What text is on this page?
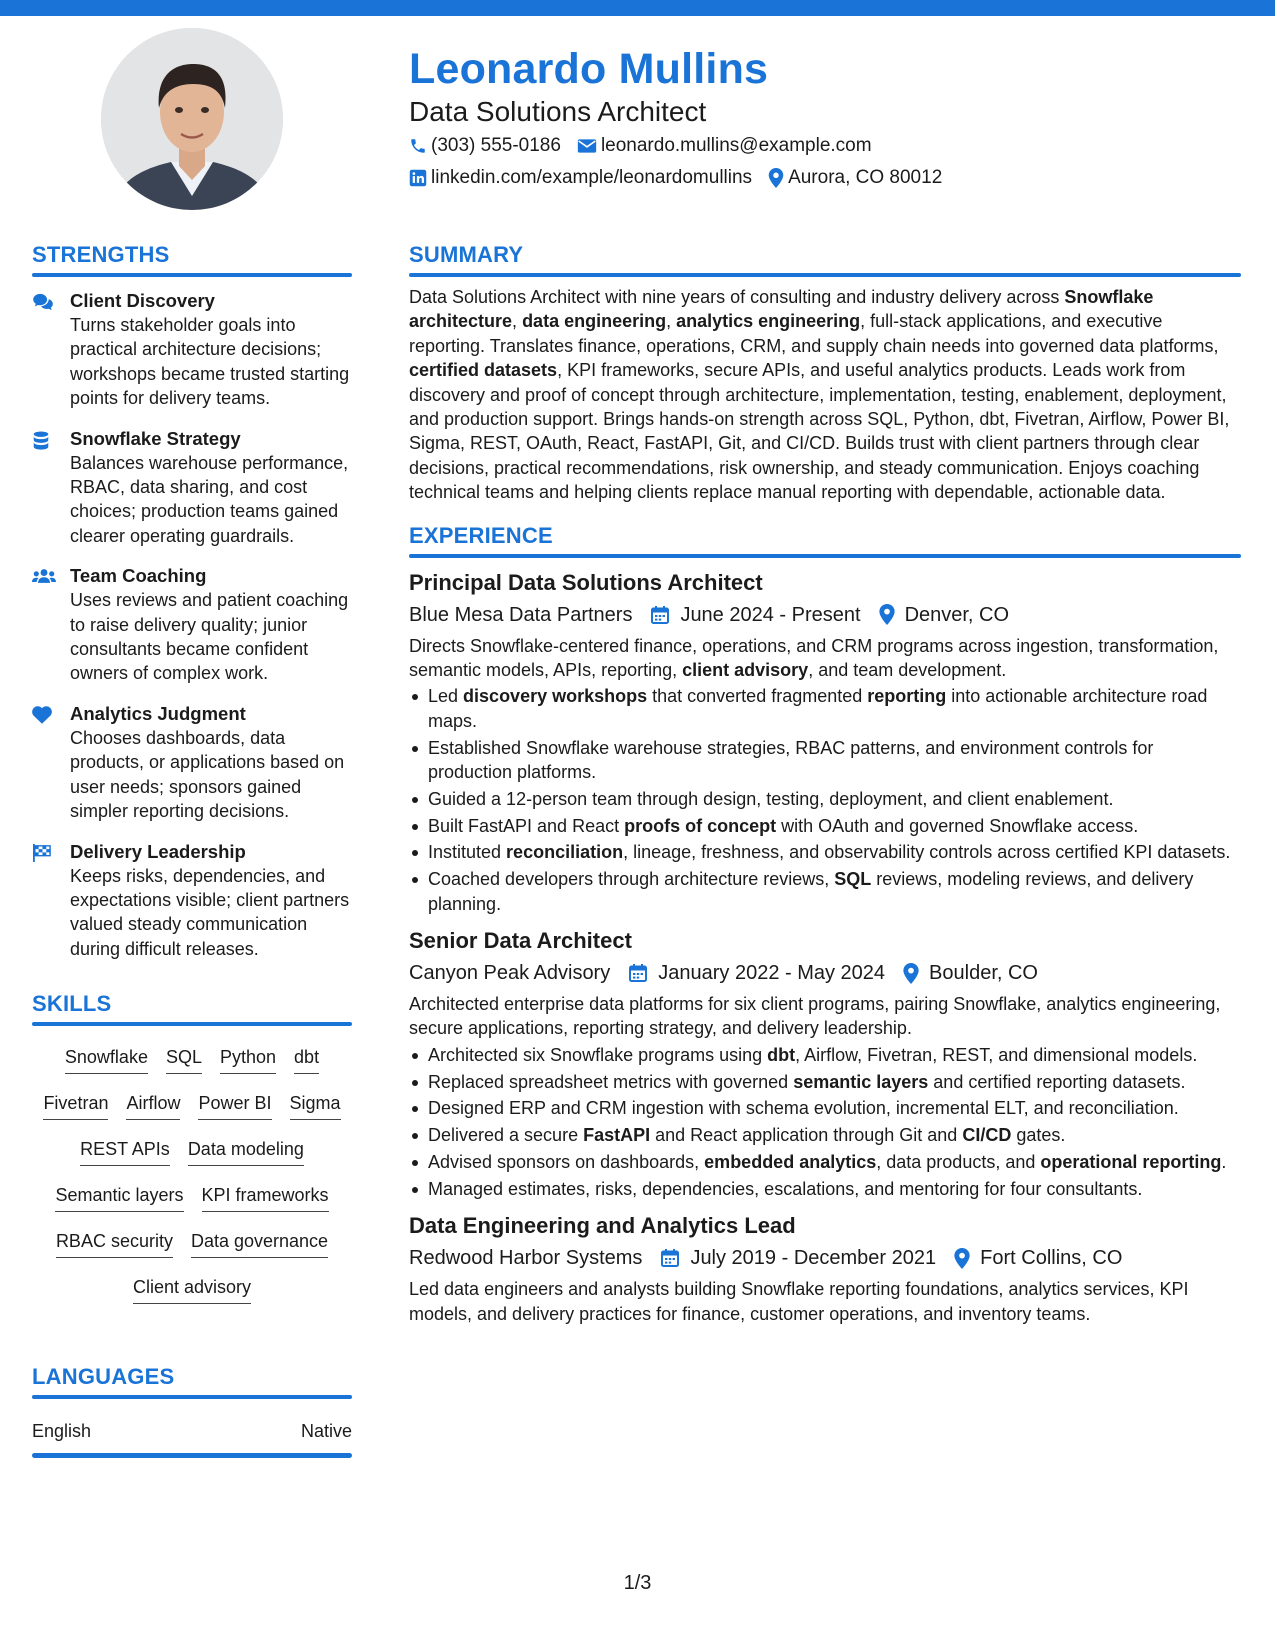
Leonardo Mullins
Data Solutions Architect
(303) 555-0186 leonardo.mullins@example.com
linkedin.com/example/leonardomullins Aurora, CO 80012
STRENGTHS
Client Discovery
Turns stakeholder goals into practical architecture decisions; workshops became trusted starting points for delivery teams.
Snowflake Strategy
Balances warehouse performance, RBAC, data sharing, and cost choices; production teams gained clearer operating guardrails.
Team Coaching
Uses reviews and patient coaching to raise delivery quality; junior consultants became confident owners of complex work.
Analytics Judgment
Chooses dashboards, data products, or applications based on user needs; sponsors gained simpler reporting decisions.
Delivery Leadership
Keeps risks, dependencies, and expectations visible; client partners valued steady communication during difficult releases.
SKILLS
Snowflake SQL Python dbt
Fivetran Airflow Power BI Sigma
REST APIs Data modeling
Semantic layers KPI frameworks
RBAC security Data governance
Client advisory
LANGUAGES
English	Native
SUMMARY
Data Solutions Architect with nine years of consulting and industry delivery across Snowflake architecture, data engineering, analytics engineering, full-stack applications, and executive reporting. Translates finance, operations, CRM, and supply chain needs into governed data platforms, certified datasets, KPI frameworks, secure APIs, and useful analytics products. Leads work from discovery and proof of concept through architecture, implementation, testing, enablement, deployment, and production support. Brings hands-on strength across SQL, Python, dbt, Fivetran, Airflow, Power BI, Sigma, REST, OAuth, React, FastAPI, Git, and CI/CD. Builds trust with client partners through clear decisions, practical recommendations, risk ownership, and steady communication. Enjoys coaching technical teams and helping clients replace manual reporting with dependable, actionable data.
EXPERIENCE
Principal Data Solutions Architect
Blue Mesa Data Partners June 2024 - Present Denver, CO
Directs Snowflake-centered finance, operations, and CRM programs across ingestion, transformation, semantic models, APIs, reporting, client advisory, and team development.
Led discovery workshops that converted fragmented reporting into actionable architecture road maps.
Established Snowflake warehouse strategies, RBAC patterns, and environment controls for production platforms.
Guided a 12-person team through design, testing, deployment, and client enablement.
Built FastAPI and React proofs of concept with OAuth and governed Snowflake access.
Instituted reconciliation, lineage, freshness, and observability controls across certified KPI datasets.
Coached developers through architecture reviews, SQL reviews, modeling reviews, and delivery planning.
Senior Data Architect
Canyon Peak Advisory January 2022 - May 2024 Boulder, CO
Architected enterprise data platforms for six client programs, pairing Snowflake, analytics engineering, secure applications, reporting strategy, and delivery leadership.
Architected six Snowflake programs using dbt, Airflow, Fivetran, REST, and dimensional models.
Replaced spreadsheet metrics with governed semantic layers and certified reporting datasets.
Designed ERP and CRM ingestion with schema evolution, incremental ELT, and reconciliation.
Delivered a secure FastAPI and React application through Git and CI/CD gates.
Advised sponsors on dashboards, embedded analytics, data products, and operational reporting.
Managed estimates, risks, dependencies, escalations, and mentoring for four consultants.
Data Engineering and Analytics Lead
Redwood Harbor Systems July 2019 - December 2021 Fort Collins, CO
Led data engineers and analysts building Snowflake reporting foundations, analytics services, KPI models, and delivery practices for finance, customer operations, and inventory teams.
1/3
